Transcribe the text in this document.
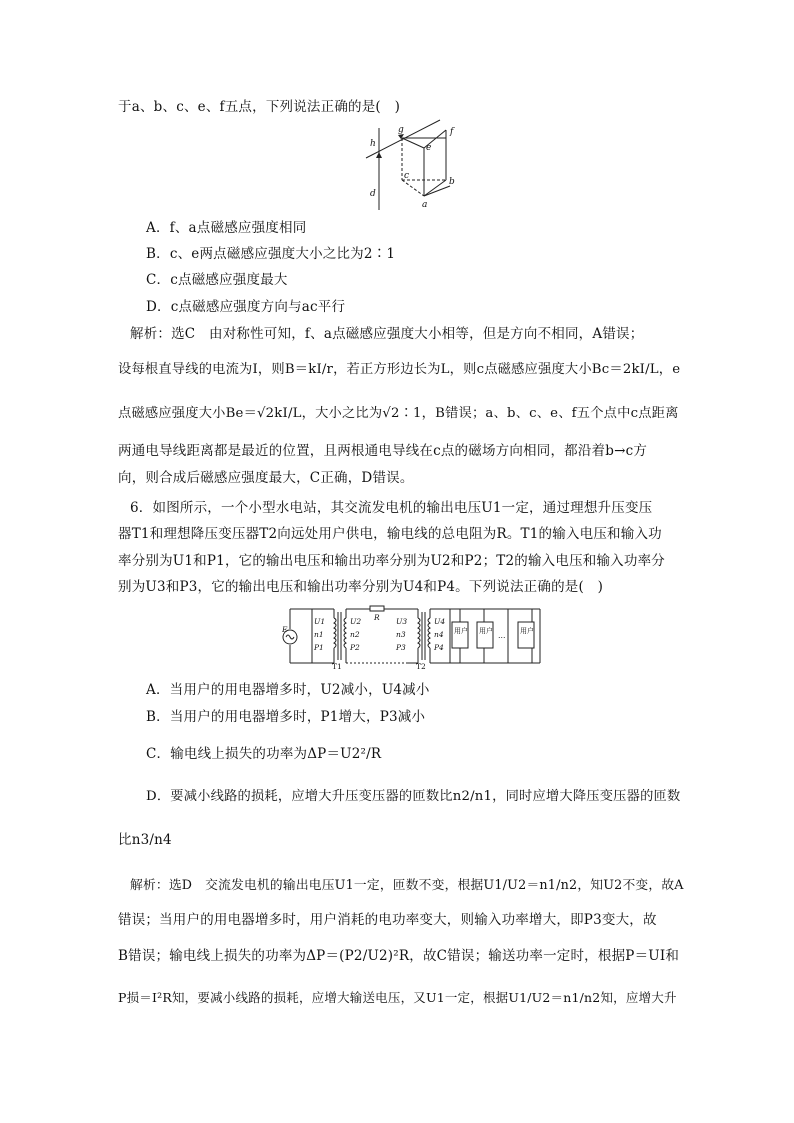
于a、b、c、e、f五点，下列说法正确的是(　)
h
g	f
e
c
b
d
a
A．f、a点磁感应强度相同
B．c、e两点磁感应强度大小之比为2∶1
C．c点磁感应强度最大
D．c点磁感应强度方向与ac平行
解析：选C　由对称性可知，f、a点磁感应强度大小相等，但是方向不相同，A错误；
设每根直导线的电流为I，则B＝kI/r，若正方形边长为L，则c点磁感应强度大小Bc＝2kI/L，e
点磁感应强度大小Be＝√2kI/L，大小之比为√2∶1，B错误；a、b、c、e、f五个点中c点距离
两通电导线距离都是最近的位置，且两根通电导线在c点的磁场方向相同，都沿着b→c方
向，则合成后磁感应强度最大，C正确，D错误。
6．如图所示，一个小型水电站，其交流发电机的输出电压U1一定，通过理想升压变压
器T1和理想降压变压器T2向远处用户供电，输电线的总电阻为R。T1的输入电压和输入功
率分别为U1和P1，它的输出电压和输出功率分别为U2和P2；T2的输入电压和输入功率分
别为U3和P3，它的输出电压和输出功率分别为U4和P4。下列说法正确的是(　)
E
U1
n1
P1
U2
n2
P2
R U3
n3
P3
U4
n4
P4
T1	T2
用户 用户 … 用户
A．当用户的用电器增多时，U2减小，U4减小
B．当用户的用电器增多时，P1增大，P3减小
C．输电线上损失的功率为ΔP＝U2²/R
D．要减小线路的损耗，应增大升压变压器的匝数比n2/n1，同时应增大降压变压器的匝数
比n3/n4
解析：选D　交流发电机的输出电压U1一定，匝数不变，根据U1/U2＝n1/n2，知U2不变，故A
错误；当用户的用电器增多时，用户消耗的电功率变大，则输入功率增大，即P3变大，故
B错误；输电线上损失的功率为ΔP＝(P2/U2)²R，故C错误；输送功率一定时，根据P＝UI和
P损＝I²R知，要减小线路的损耗，应增大输送电压，又U1一定，根据U1/U2＝n1/n2知，应增大升
